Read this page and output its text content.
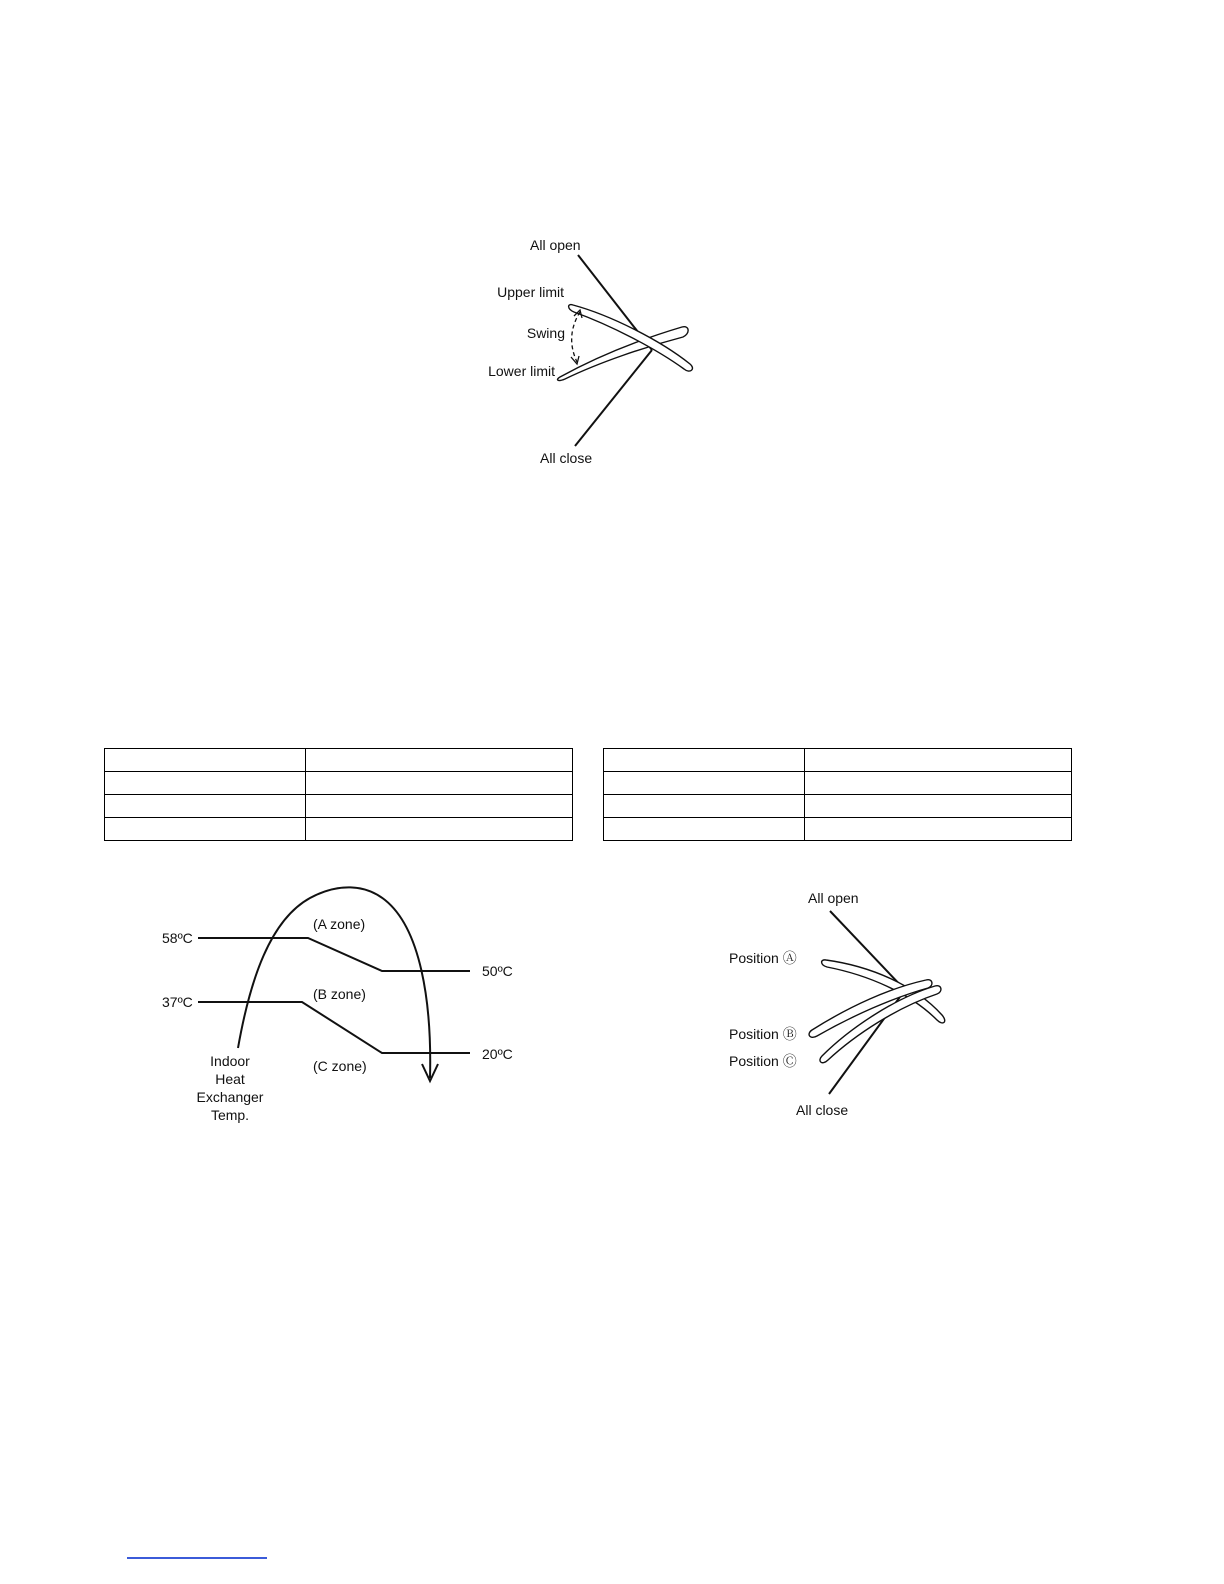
All open
Upper limit
Swing
Lower limit
All close

58ºC
37ºC
50ºC
20ºC
(A zone)
(B zone)
(C zone)
Indoor
Heat
Exchanger
Temp.
All open
Position Ⓐ
Position Ⓑ
Position Ⓒ
All close
